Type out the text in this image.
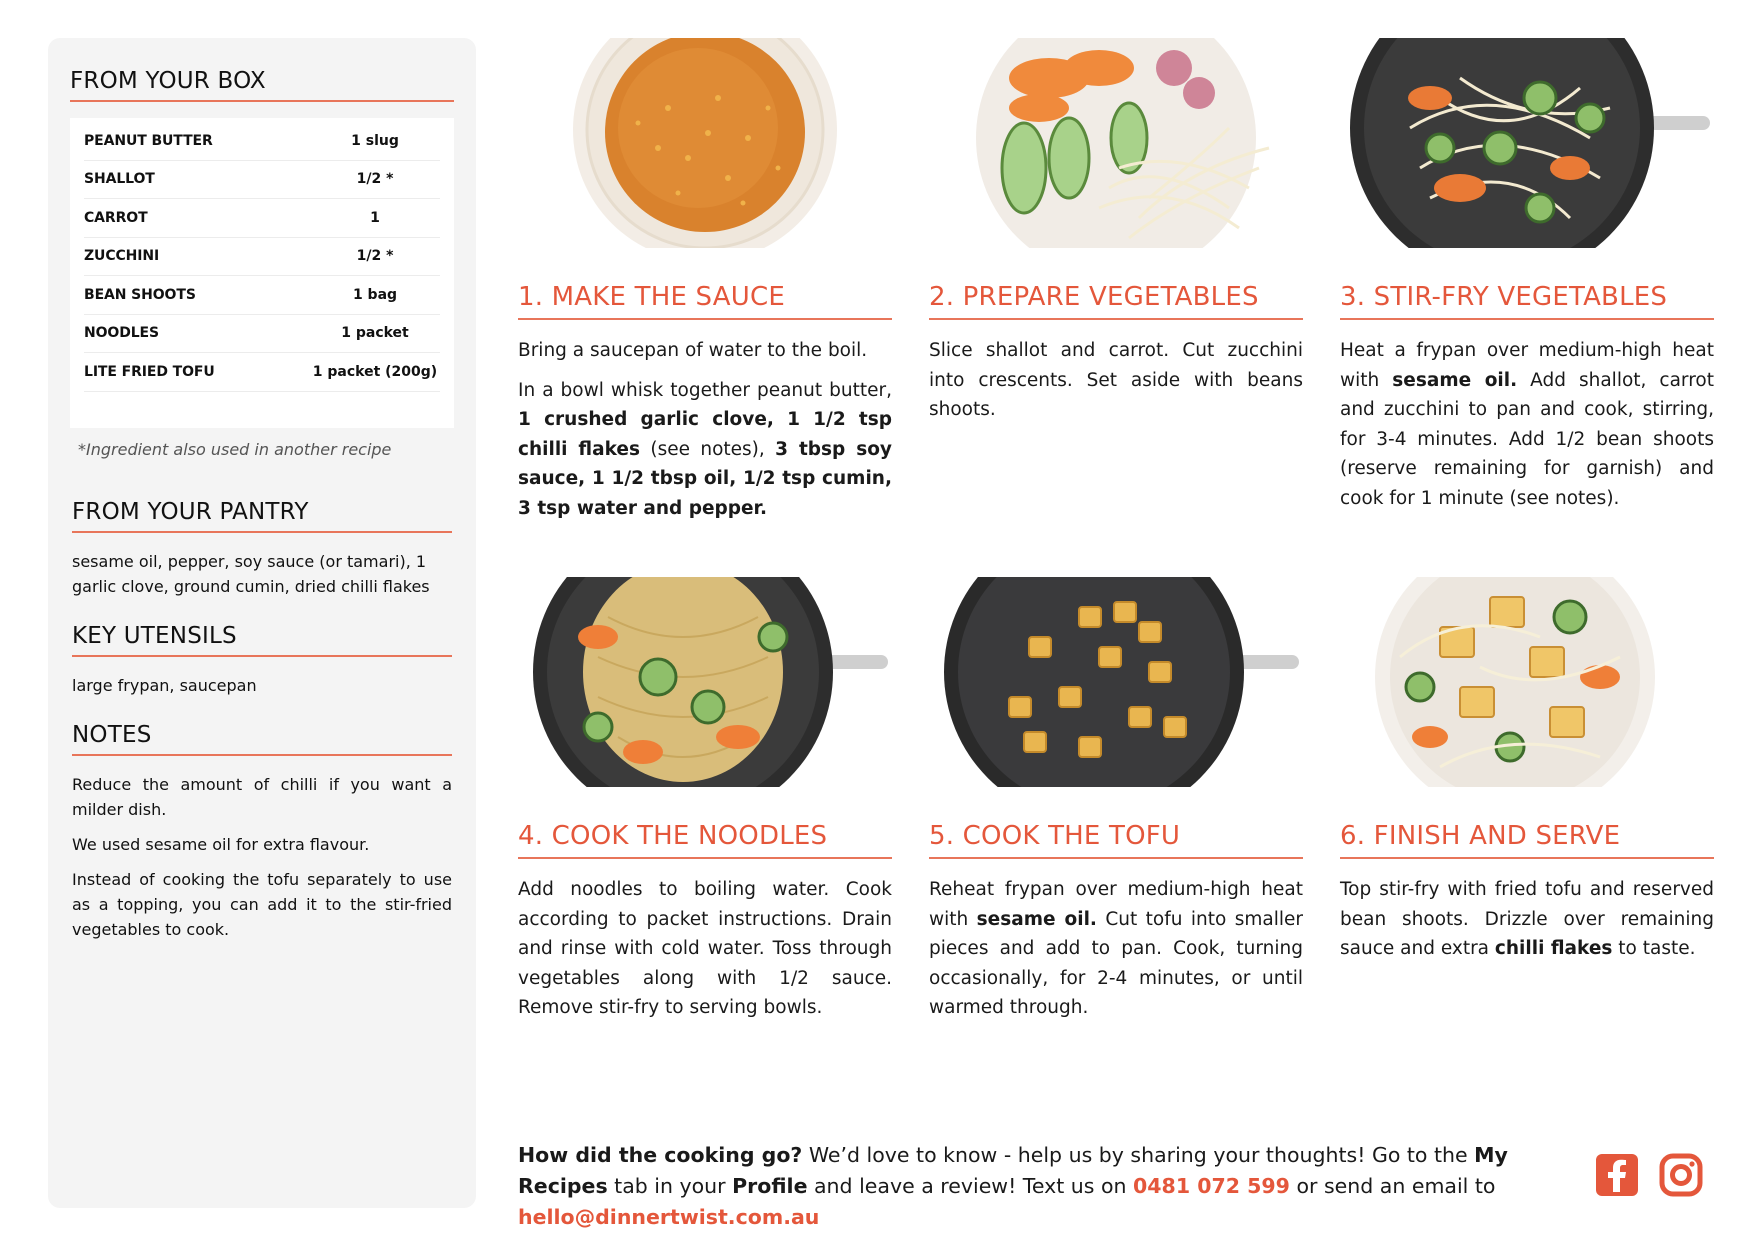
FROM YOUR BOX
PEANUT BUTTER	1 slug
SHALLOT	1/2 *
CARROT	1
ZUCCHINI	1/2 *
BEAN SHOOTS	1 bag
NOODLES	1 packet
LITE FRIED TOFU	1 packet (200g)
*Ingredient also used in another recipe
FROM YOUR PANTRY

sesame oil, pepper, soy sauce (or tamari), 1 garlic clove, ground cumin, dried chilli flakes

KEY UTENSILS

large frypan, saucepan

NOTES

Reduce the amount of chilli if you want a milder dish.

We used sesame oil for extra flavour.

Instead of cooking the tofu separately to use as a topping, you can add it to the stir-fried vegetables to cook.

1. MAKE THE SAUCE

Bring a saucepan of water to the boil.

In a bowl whisk together peanut butter, 1 crushed garlic clove, 1 1/2 tsp chilli flakes (see notes), 3 tbsp soy sauce, 1 1/2 tbsp oil, 1/2 tsp cumin, 3 tsp water and pepper.

2. PREPARE VEGETABLES

Slice shallot and carrot. Cut zucchini into crescents. Set aside with beans shoots.

3. STIR-FRY VEGETABLES

Heat a frypan over medium-high heat with sesame oil. Add shallot, carrot and zucchini to pan and cook, stirring, for 3-4 minutes. Add 1/2 bean shoots (reserve remaining for garnish) and cook for 1 minute (see notes).

4. COOK THE NOODLES

Add noodles to boiling water. Cook according to packet instructions. Drain and rinse with cold water. Toss through vegetables along with 1/2 sauce. Remove stir-fry to serving bowls.

5. COOK THE TOFU

Reheat frypan over medium-high heat with sesame oil. Cut tofu into smaller pieces and add to pan. Cook, turning occasionally, for 2-4 minutes, or until warmed through.

6. FINISH AND SERVE

Top stir-fry with fried tofu and reserved bean shoots. Drizzle over remaining sauce and extra chilli flakes to taste.

How did the cooking go? We’d love to know - help us by sharing your thoughts! Go to the My Recipes tab in your Profile and leave a review! Text us on 0481 072 599 or send an email to hello@dinnertwist.com.au
